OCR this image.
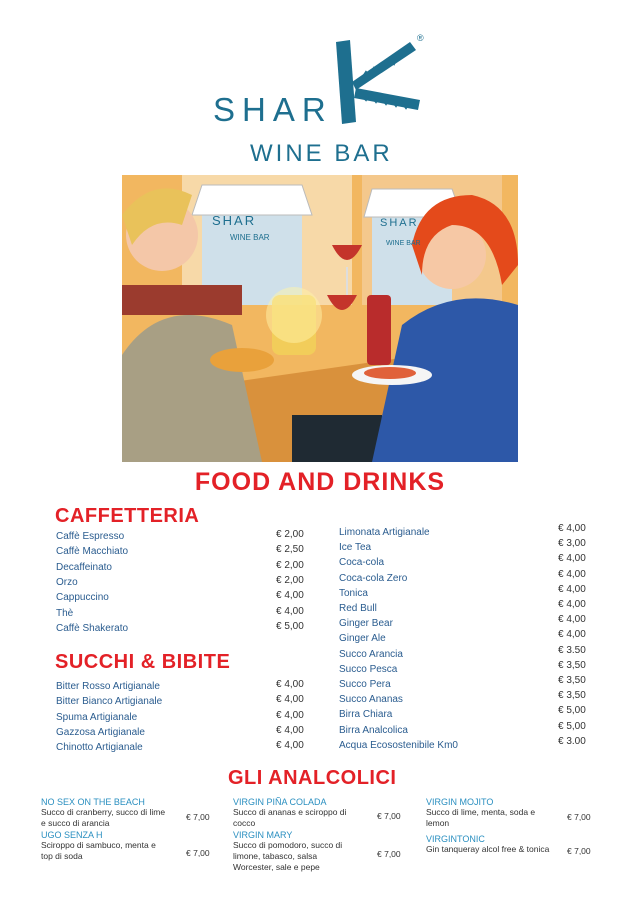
SHAR
®
WINE BAR
SHAR
WINE BAR
SHAR
WINE BAR
FOOD AND DRINKS
CAFFETTERIA
Caffè Espresso	€ 2,00
Caffè Macchiato	€ 2,50
Decaffeinato	€ 2,00
Orzo	€ 2,00
Cappuccino	€ 4,00
Thè	€ 4,00
Caffè Shakerato	€ 5,00
SUCCHI & BIBITE
Bitter Rosso Artigianale	€ 4,00
Bitter Bianco Artigianale	€ 4,00
Spuma Artigianale	€ 4,00
Gazzosa Artigianale	€ 4,00
Chinotto Artigianale	€ 4,00
Limonata Artigianale	€ 4,00
Ice Tea	€ 3,00
Coca-cola	€ 4,00
Coca-cola Zero	€ 4,00
Tonica	€ 4,00
Red Bull	€ 4,00
Ginger Bear	€ 4,00
Ginger Ale	€ 4,00
Succo Arancia	€ 3.50
Succo Pesca	€ 3,50
Succo Pera	€ 3,50
Succo Ananas	€ 3,50
Birra Chiara	€ 5,00
Birra Analcolica	€ 5,00
Acqua Ecosostenibile Km0	€ 3.00
GLI ANALCOLICI
NO SEX ON THE BEACH
Succo di cranberry, succo di lime e succo di arancia
€ 7,00
UGO SENZA H
Sciroppo di sambuco, menta e top di soda	€ 7,00
VIRGIN PIÑA COLADA
Succo di ananas e sciroppo di cocco
€ 7,00
VIRGIN MARY
Succo di pomodoro, succo di limone, tabasco, salsa Worcester, sale e pepe
€ 7,00
VIRGIN MOJITO
Succo di lime, menta, soda e lemon
€ 7,00
VIRGINTONIC
Gin tanqueray alcol free & tonica € 7,00
